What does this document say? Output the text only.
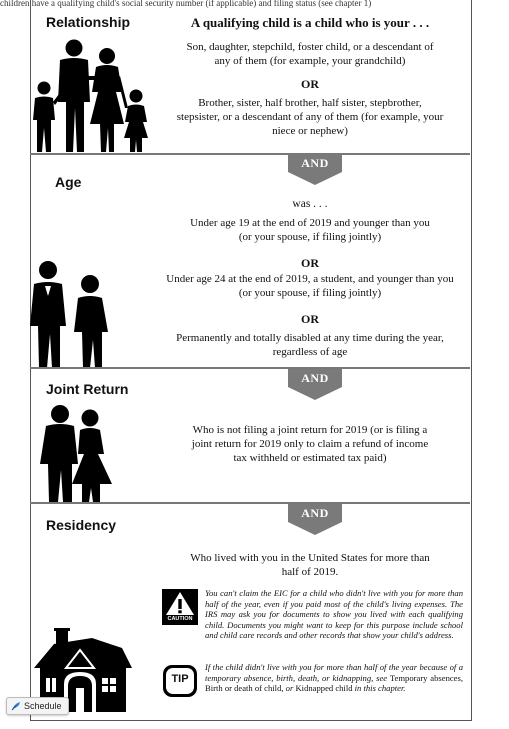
children have a qualifying child's social security number (if applicable) and filing status (see chapter 1)
Relationship	A qualifying child is a child who is your . . .
Son, daughter, stepchild, foster child, or a descendant of
any of them (for example, your grandchild)
OR
Brother, sister, half brother, half sister, stepbrother,
stepsister, or a descendant of any of them (for example, your
niece or nephew)
AND
Age
was . . .
Under age 19 at the end of 2019 and younger than you
(or your spouse, if filing jointly)
OR
Under age 24 at the end of 2019, a student, and younger than you
(or your spouse, if filing jointly)
OR
Permanently and totally disabled at any time during the year,
regardless of age
AND
Joint Return
Who is not filing a joint return for 2019 (or is filing a
joint return for 2019 only to claim a refund of income
tax withheld or estimated tax paid)
AND
Residency
Who lived with you in the United States for more than
half of 2019.
CAUTION
You can't claim the EIC for a child who didn't live with you for more than half of the year, even if you paid most of the child's living expenses. The IRS may ask you for documents to show you lived with each qualifying child. Documents you might want to keep for this purpose include school and child care records and other records that show your child's address.
TIP
If the child didn't live with you for more than half of the year because of a temporary absence, birth, death, or kidnapping, see Temporary absences, Birth or death of child, or Kidnapped child in this chapter.
Schedule
